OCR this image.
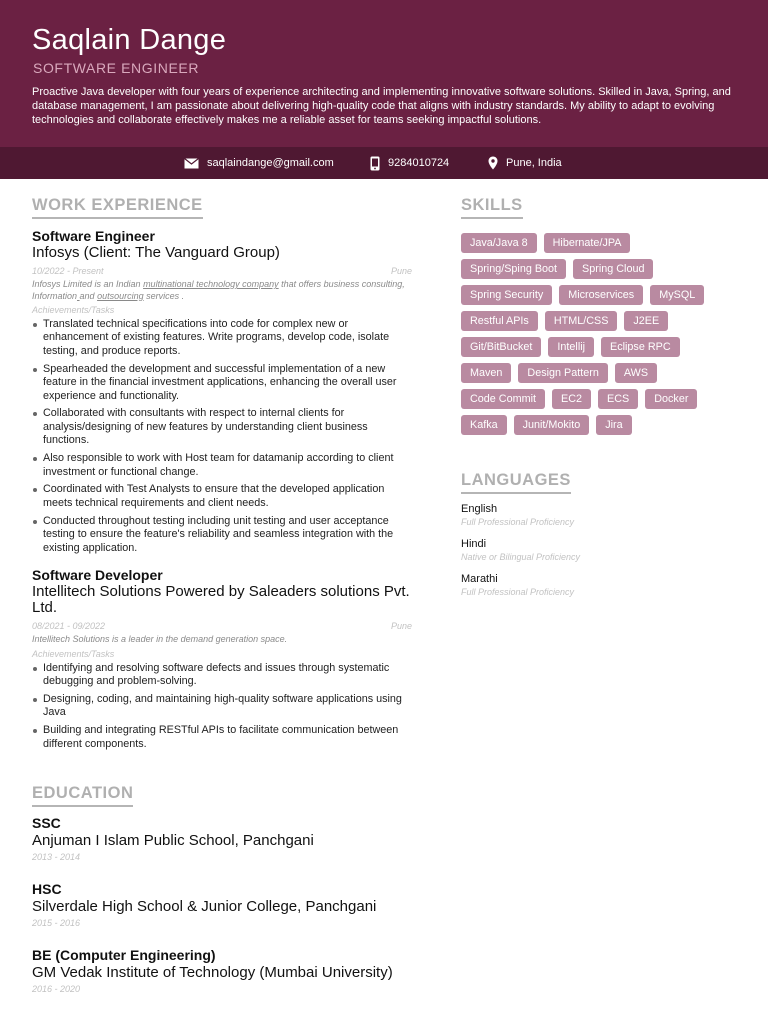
Saqlain Dange
SOFTWARE ENGINEER
Proactive Java developer with four years of experience architecting and implementing innovative software solutions. Skilled in Java, Spring, and database management, I am passionate about delivering high-quality code that aligns with industry standards. My ability to adapt to evolving technologies and collaborate effectively makes me a reliable asset for teams seeking impactful solutions.
saqlaindange@gmail.com	9284010724	Pune, India
WORK EXPERIENCE	SKILLS
LANGUAGES
EDUCATION
Software Engineer
Infosys (Client: The Vanguard Group)
10/2022 - Present	Pune
Infosys Limited is an Indian multinational technology company that offers business consulting, Information and outsourcing services .
Achievements/Tasks
Translated technical specifications into code for complex new or enhancement of existing features. Write programs, develop code, isolate testing, and produce reports.
Spearheaded the development and successful implementation of a new feature in the financial investment applications, enhancing the overall user experience and functionality.
Collaborated with consultants with respect to internal clients for analysis/designing of new features by understanding client business functions.
Also responsible to work with Host team for datamanip according to client investment or functional change.
Coordinated with Test Analysts to ensure that the developed application meets technical requirements and client needs.
Conducted throughout testing including unit testing and user acceptance testing to ensure the feature's reliability and seamless integration with the existing application.
Software Developer
Intellitech Solutions Powered by Saleaders solutions Pvt. Ltd.
08/2021 - 09/2022	Pune
Intellitech Solutions is a leader in the demand generation space.
Achievements/Tasks
Identifying and resolving software defects and issues through systematic debugging and problem-solving.
Designing, coding, and maintaining high-quality software applications using Java
Building and integrating RESTful APIs to facilitate communication between different components.
SSC
Anjuman I Islam Public School, Panchgani
2013 - 2014
HSC
Silverdale High School & Junior College, Panchgani
2015 - 2016
BE (Computer Engineering)
GM Vedak Institute of Technology (Mumbai University)
2016 - 2020
Java/Java 8	Hibernate/JPA
Spring/Sping Boot	Spring Cloud
Spring Security	Microservices	MySQL
Restful APIs	HTML/CSS	J2EE
Git/BitBucket	Intellij	Eclipse RPC
Maven	Design Pattern	AWS
Code Commit	EC2	ECS	Docker
Kafka	Junit/Mokito	Jira
English
Full Professional Proficiency
Hindi
Native or Bilingual Proficiency
Marathi
Full Professional Proficiency
